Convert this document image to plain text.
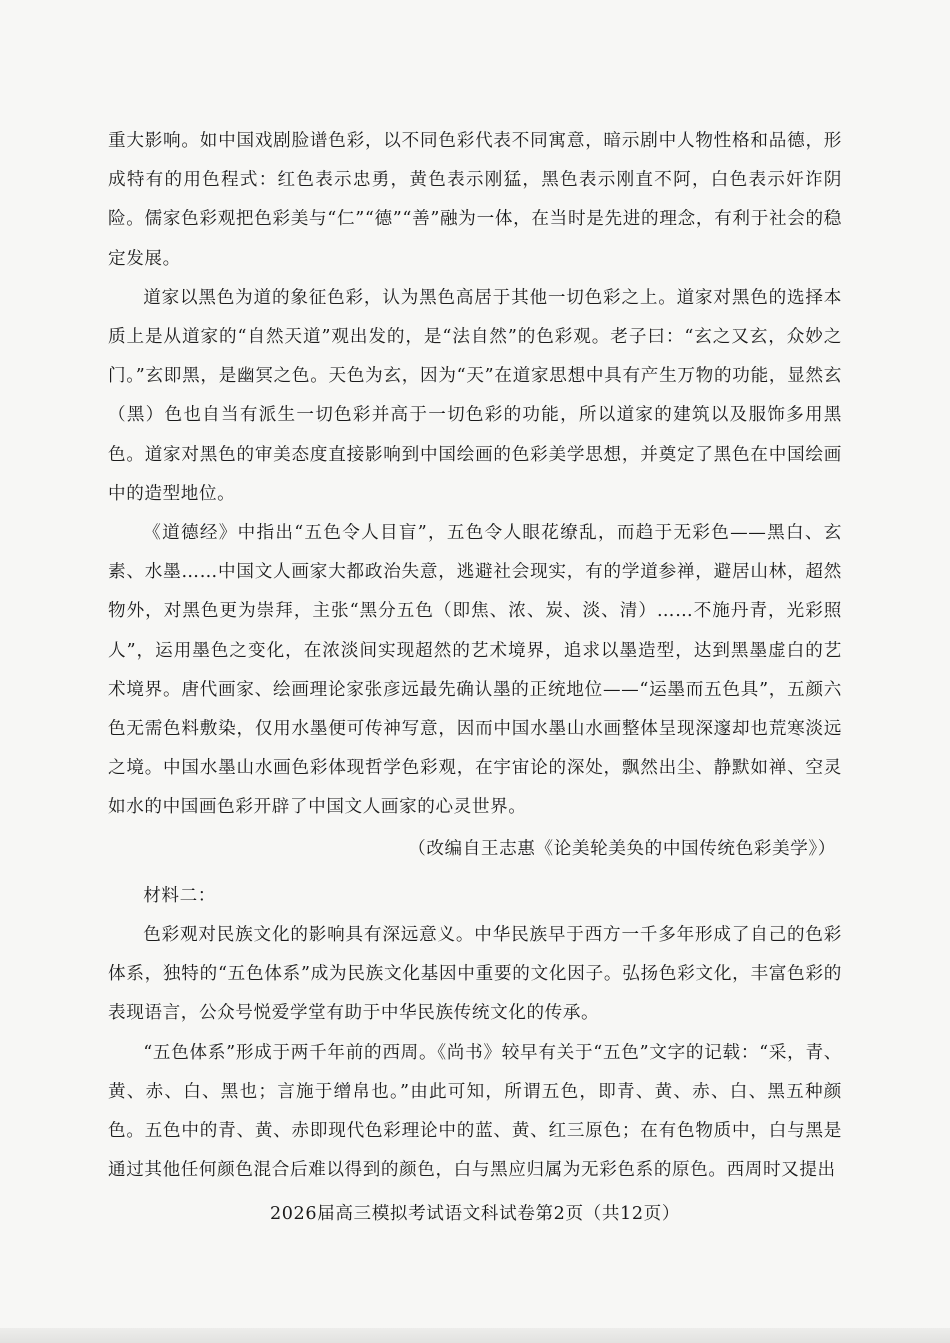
重大影响。如中国戏剧脸谱色彩，以不同色彩代表不同寓意，暗示剧中人物性格和品德，形成特有的用色程式：红色表示忠勇，黄色表示刚猛，黑色表示刚直不阿，白色表示奸诈阴险。儒家色彩观把色彩美与“仁”“德”“善”融为一体，在当时是先进的理念，有利于社会的稳定发展。

道家以黑色为道的象征色彩，认为黑色高居于其他一切色彩之上。道家对黑色的选择本质上是从道家的“自然天道”观出发的，是“法自然”的色彩观。老子曰：“玄之又玄，众妙之门。”玄即黑，是幽冥之色。天色为玄，因为“天”在道家思想中具有产生万物的功能，显然玄（黑）色也自当有派生一切色彩并高于一切色彩的功能，所以道家的建筑以及服饰多用黑色。道家对黑色的审美态度直接影响到中国绘画的色彩美学思想，并奠定了黑色在中国绘画中的造型地位。

《道德经》中指出“五色令人目盲”，五色令人眼花缭乱，而趋于无彩色——黑白、玄素、水墨……中国文人画家大都政治失意，逃避社会现实，有的学道参禅，避居山林，超然物外，对黑色更为崇拜，主张“黑分五色（即焦、浓、炭、淡、清）……不施丹青，光彩照人”，运用墨色之变化，在浓淡间实现超然的艺术境界，追求以墨造型，达到黑墨虚白的艺术境界。唐代画家、绘画理论家张彦远最先确认墨的正统地位——“运墨而五色具”，五颜六色无需色料敷染，仅用水墨便可传神写意，因而中国水墨山水画整体呈现深邃却也荒寒淡远之境。中国水墨山水画色彩体现哲学色彩观，在宇宙论的深处，飘然出尘、静默如禅、空灵如水的中国画色彩开辟了中国文人画家的心灵世界。

（改编自王志惠《论美轮美奂的中国传统色彩美学》）

材料二：

色彩观对民族文化的影响具有深远意义。中华民族早于西方一千多年形成了自己的色彩体系，独特的“五色体系”成为民族文化基因中重要的文化因子。弘扬色彩文化，丰富色彩的表现语言，公众号悦爱学堂有助于中华民族传统文化的传承。

“五色体系”形成于两千年前的西周。《尚书》较早有关于“五色”文字的记载：“采，青、黄、赤、白、黑也；言施于缯帛也。”由此可知，所谓五色，即青、黄、赤、白、黑五种颜色。五色中的青、黄、赤即现代色彩理论中的蓝、黄、红三原色；在有色物质中，白与黑是通过其他任何颜色混合后难以得到的颜色，白与黑应归属为无彩色系的原色。西周时又提出

2026届高三模拟考试语文科试卷第2页（共12页）
